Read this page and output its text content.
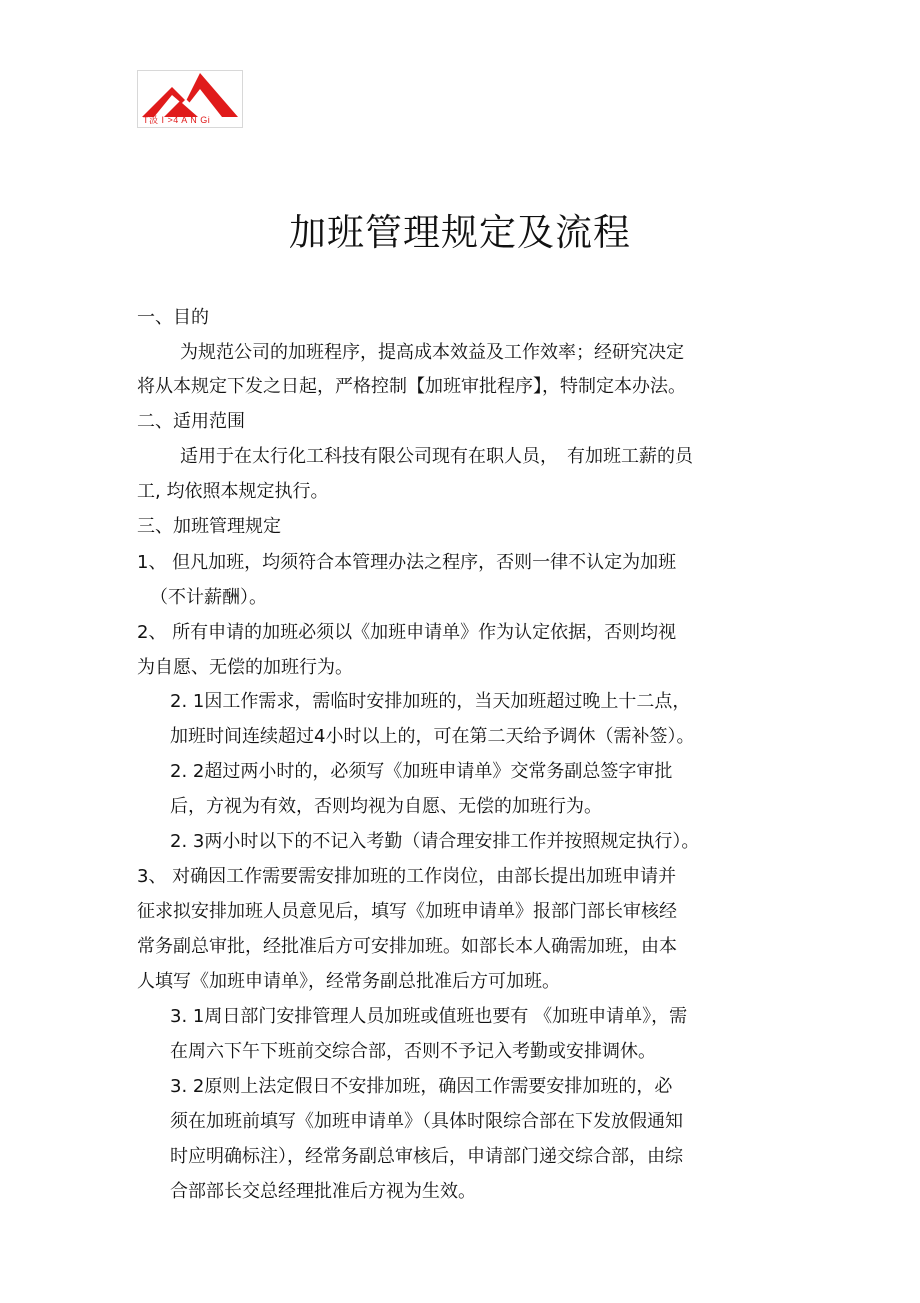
T汲 I >4 A N Gi
加班管理规定及流程
一、目的
为规范公司的加班程序，提高成本效益及工作效率；经研究决定
将从本规定下发之日起，严格控制【加班审批程序】，特制定本办法。
二、适用范围
适用于在太行化工科技有限公司现有在职人员，　有加班工薪的员
工, 均依照本规定执行。
三、加班管理规定
1、 但凡加班，均须符合本管理办法之程序，否则一律不认定为加班
（不计薪酬）。
2、 所有申请的加班必须以《加班申请单》作为认定依据，否则均视
为自愿、无偿的加班行为。
2. 1因工作需求，需临时安排加班的，当天加班超过晚上十二点，
加班时间连续超过4小时以上的，可在第二天给予调休（需补签）。
2. 2超过两小时的，必须写《加班申请单》交常务副总签字审批
后，方视为有效，否则均视为自愿、无偿的加班行为。
2. 3两小时以下的不记入考勤（请合理安排工作并按照规定执行）。
3、 对确因工作需要需安排加班的工作岗位，由部长提出加班申请并
征求拟安排加班人员意见后，填写《加班申请单》报部门部长审核经
常务副总审批，经批准后方可安排加班。如部长本人确需加班，由本
人填写《加班申请单》，经常务副总批准后方可加班。
3. 1周日部门安排管理人员加班或值班也要有 《加班申请单》，需
在周六下午下班前交综合部，否则不予记入考勤或安排调休。
3. 2原则上法定假日不安排加班，确因工作需要安排加班的，必
须在加班前填写《加班申请单》（具体时限综合部在下发放假通知
时应明确标注），经常务副总审核后，申请部门递交综合部，由综
合部部长交总经理批准后方视为生效。
